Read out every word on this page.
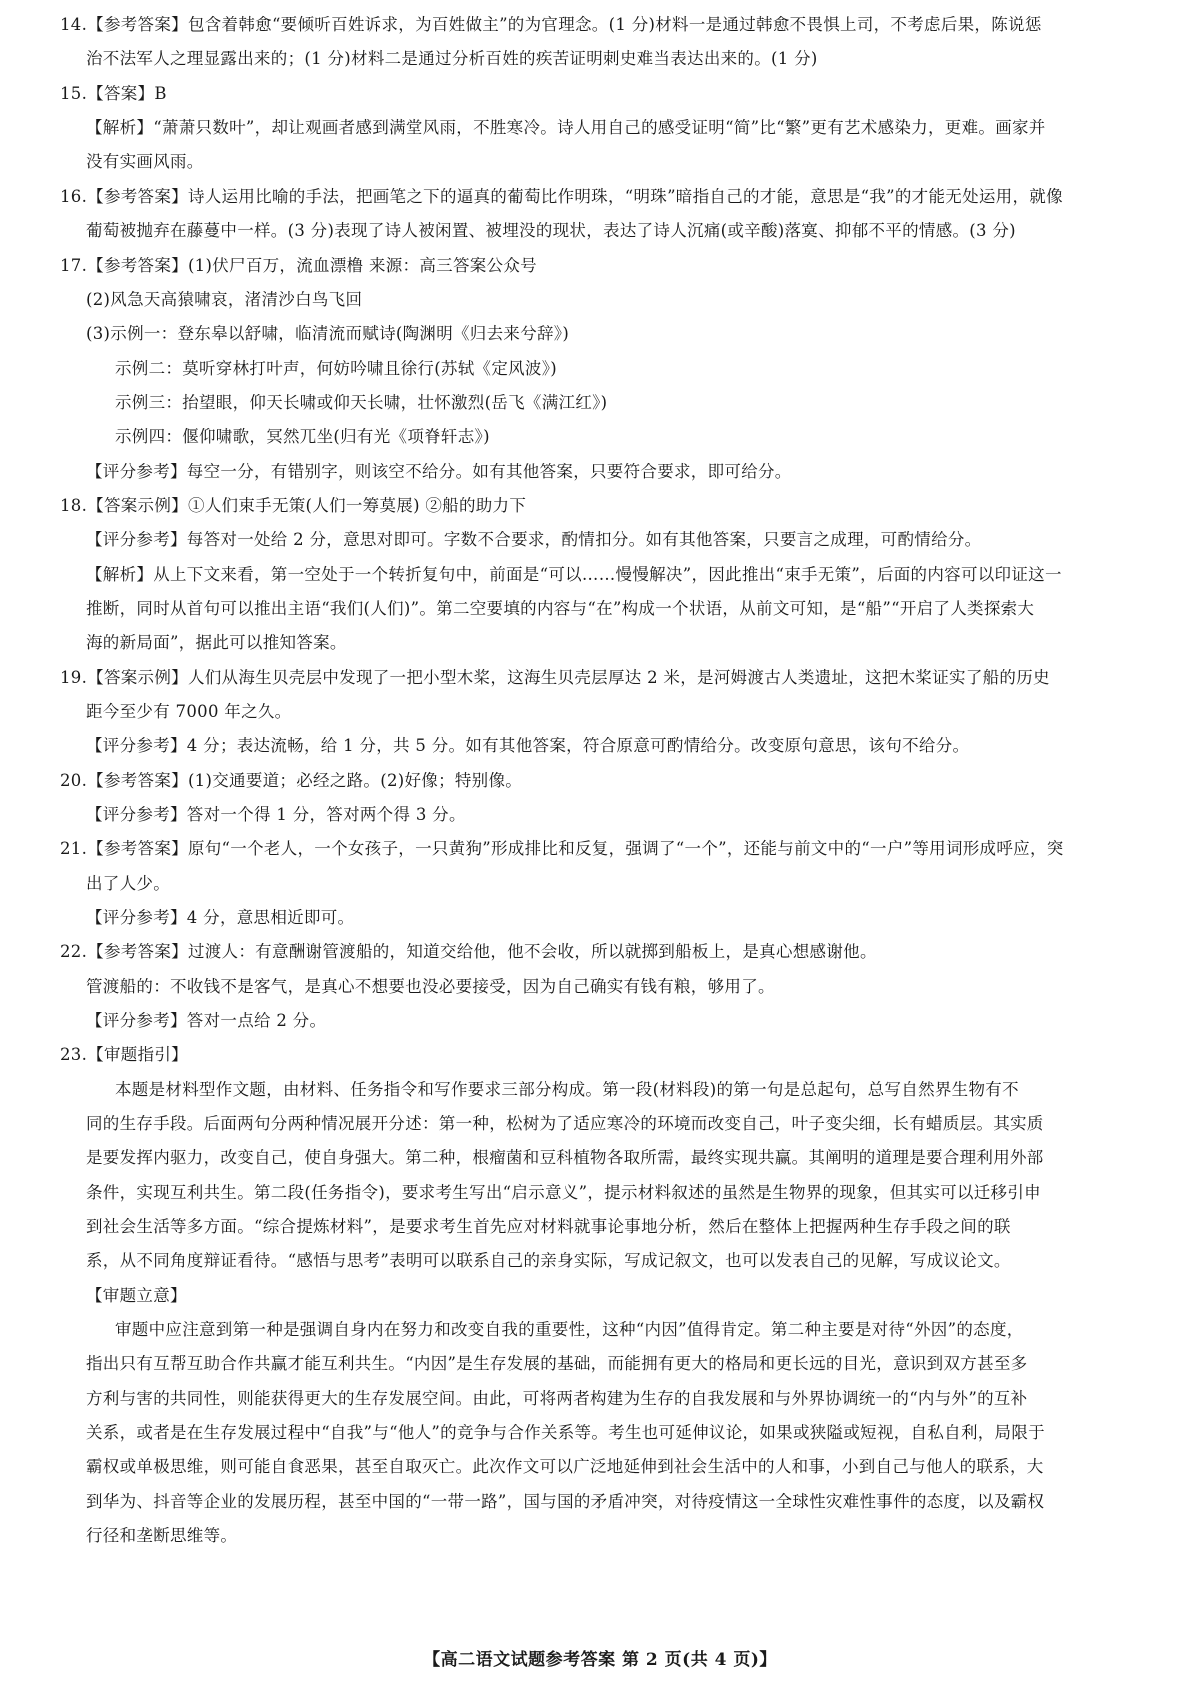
14.【参考答案】包含着韩愈“要倾听百姓诉求，为百姓做主”的为官理念。(1 分)材料一是通过韩愈不畏惧上司，不考虑后果，陈说惩
治不法军人之理显露出来的；(1 分)材料二是通过分析百姓的疾苦证明刺史难当表达出来的。(1 分)
15.【答案】B
【解析】“萧萧只数叶”，却让观画者感到满堂风雨，不胜寒冷。诗人用自己的感受证明“简”比“繁”更有艺术感染力，更难。画家并
没有实画风雨。
16.【参考答案】诗人运用比喻的手法，把画笔之下的逼真的葡萄比作明珠，“明珠”暗指自己的才能，意思是“我”的才能无处运用，就像
葡萄被抛弃在藤蔓中一样。(3 分)表现了诗人被闲置、被埋没的现状，表达了诗人沉痛(或辛酸)落寞、抑郁不平的情感。(3 分)
17.【参考答案】(1)伏尸百万，流血漂橹 来源：高三答案公众号
(2)风急天高猿啸哀，渚清沙白鸟飞回
(3)示例一：登东皋以舒啸，临清流而赋诗(陶渊明《归去来兮辞》)
示例二：莫听穿林打叶声，何妨吟啸且徐行(苏轼《定风波》)
示例三：抬望眼，仰天长啸或仰天长啸，壮怀激烈(岳飞《满江红》)
示例四：偃仰啸歌，冥然兀坐(归有光《项脊轩志》)
【评分参考】每空一分，有错别字，则该空不给分。如有其他答案，只要符合要求，即可给分。
18.【答案示例】①人们束手无策(人们一筹莫展) ②船的助力下
【评分参考】每答对一处给 2 分，意思对即可。字数不合要求，酌情扣分。如有其他答案，只要言之成理，可酌情给分。
【解析】从上下文来看，第一空处于一个转折复句中，前面是“可以……慢慢解决”，因此推出“束手无策”，后面的内容可以印证这一
推断，同时从首句可以推出主语“我们(人们)”。第二空要填的内容与“在”构成一个状语，从前文可知，是“船”“开启了人类探索大
海的新局面”，据此可以推知答案。
19.【答案示例】人们从海生贝壳层中发现了一把小型木桨，这海生贝壳层厚达 2 米，是河姆渡古人类遗址，这把木桨证实了船的历史
距今至少有 7000 年之久。
【评分参考】4 分；表达流畅，给 1 分，共 5 分。如有其他答案，符合原意可酌情给分。改变原句意思，该句不给分。
20.【参考答案】(1)交通要道；必经之路。(2)好像；特别像。
【评分参考】答对一个得 1 分，答对两个得 3 分。
21.【参考答案】原句“一个老人，一个女孩子，一只黄狗”形成排比和反复，强调了“一个”，还能与前文中的“一户”等用词形成呼应，突
出了人少。
【评分参考】4 分，意思相近即可。
22.【参考答案】过渡人：有意酬谢管渡船的，知道交给他，他不会收，所以就掷到船板上，是真心想感谢他。
管渡船的：不收钱不是客气，是真心不想要也没必要接受，因为自己确实有钱有粮，够用了。
【评分参考】答对一点给 2 分。
23.【审题指引】
本题是材料型作文题，由材料、任务指令和写作要求三部分构成。第一段(材料段)的第一句是总起句，总写自然界生物有不
同的生存手段。后面两句分两种情况展开分述：第一种，松树为了适应寒冷的环境而改变自己，叶子变尖细，长有蜡质层。其实质
是要发挥内驱力，改变自己，使自身强大。第二种，根瘤菌和豆科植物各取所需，最终实现共赢。其阐明的道理是要合理利用外部
条件，实现互利共生。第二段(任务指令)，要求考生写出“启示意义”，提示材料叙述的虽然是生物界的现象，但其实可以迁移引申
到社会生活等多方面。“综合提炼材料”，是要求考生首先应对材料就事论事地分析，然后在整体上把握两种生存手段之间的联
系，从不同角度辩证看待。“感悟与思考”表明可以联系自己的亲身实际，写成记叙文，也可以发表自己的见解，写成议论文。
【审题立意】
审题中应注意到第一种是强调自身内在努力和改变自我的重要性，这种“内因”值得肯定。第二种主要是对待“外因”的态度，
指出只有互帮互助合作共赢才能互利共生。“内因”是生存发展的基础，而能拥有更大的格局和更长远的目光，意识到双方甚至多
方利与害的共同性，则能获得更大的生存发展空间。由此，可将两者构建为生存的自我发展和与外界协调统一的“内与外”的互补
关系，或者是在生存发展过程中“自我”与“他人”的竞争与合作关系等。考生也可延伸议论，如果或狭隘或短视，自私自利，局限于
霸权或单极思维，则可能自食恶果，甚至自取灭亡。此次作文可以广泛地延伸到社会生活中的人和事，小到自己与他人的联系，大
到华为、抖音等企业的发展历程，甚至中国的“一带一路”，国与国的矛盾冲突，对待疫情这一全球性灾难性事件的态度，以及霸权
行径和垄断思维等。
【高二语文试题参考答案 第 2 页(共 4 页)】
